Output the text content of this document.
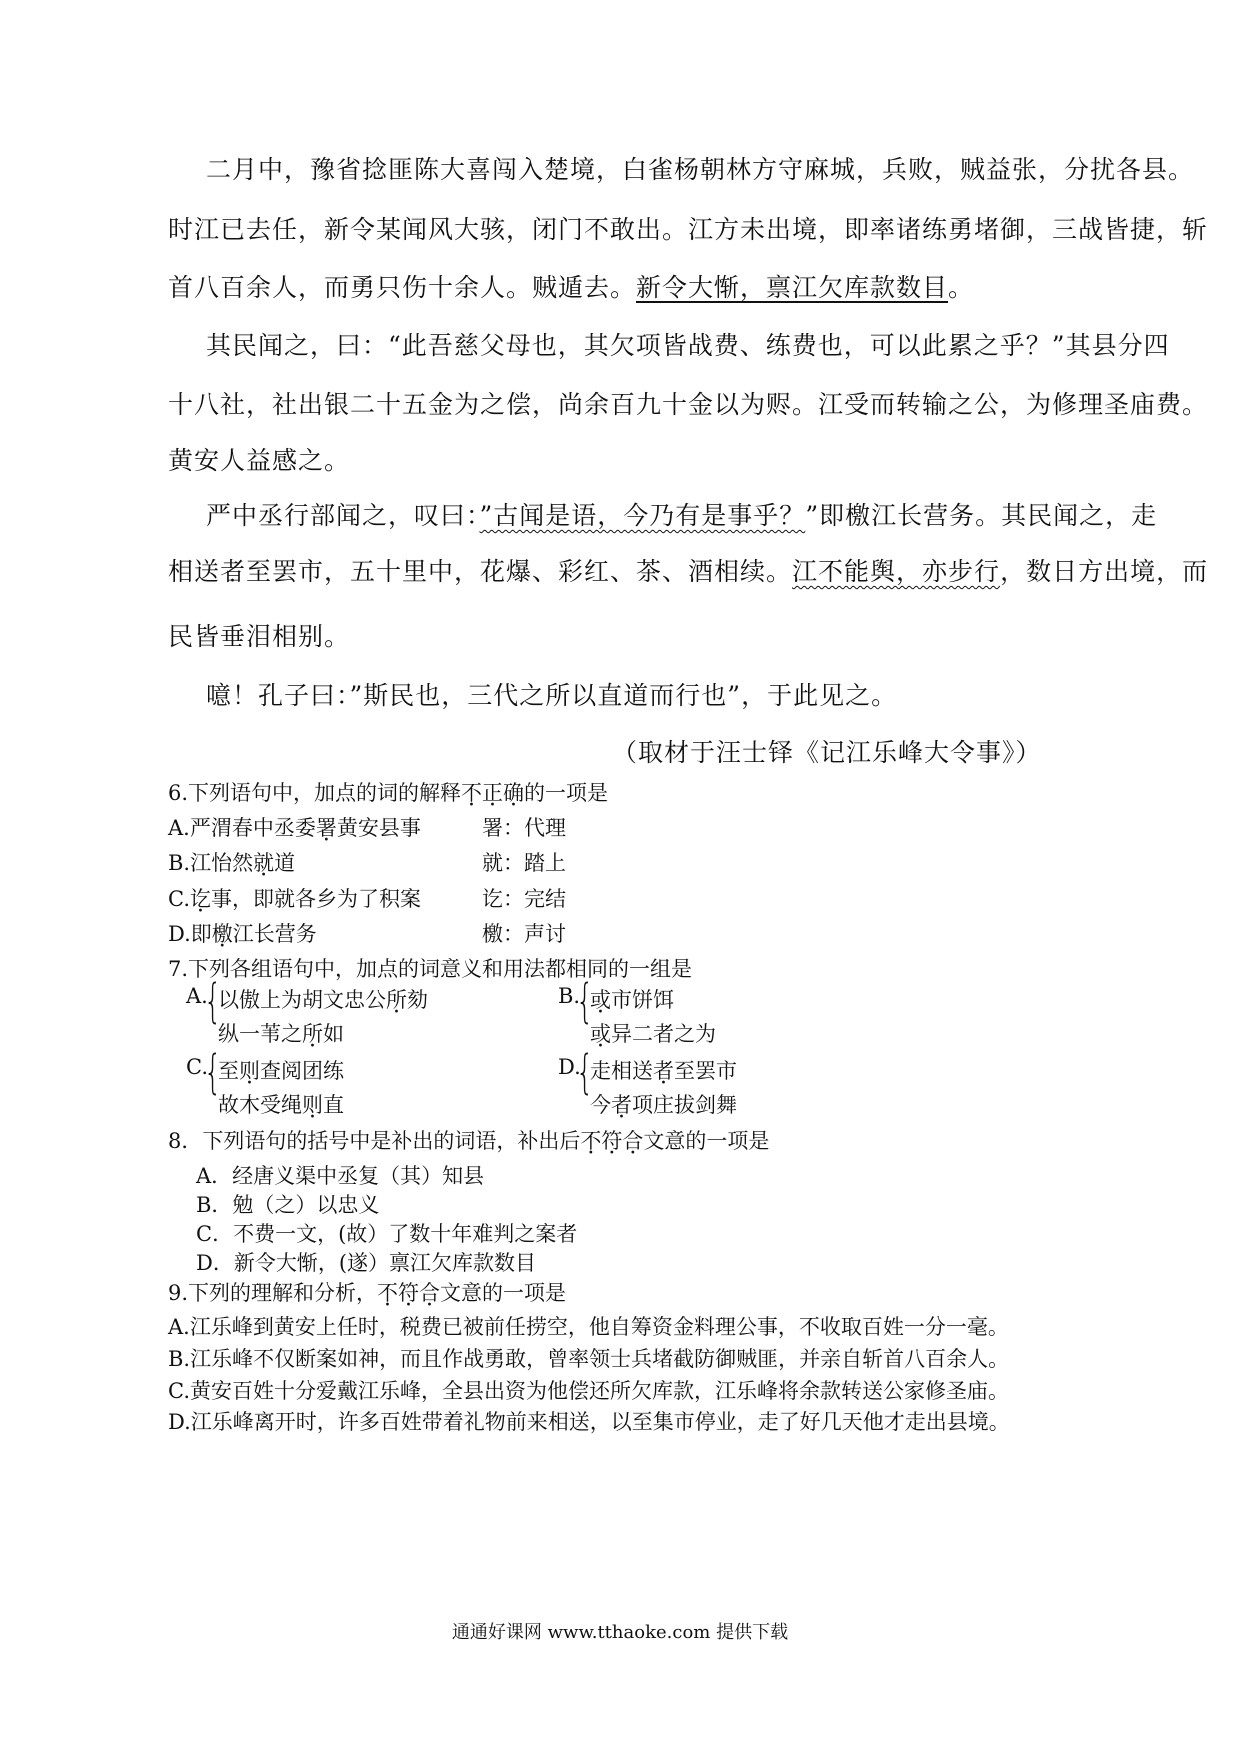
二月中，豫省捻匪陈大喜闯入楚境，白雀杨朝林方守麻城，兵败，贼益张，分扰各县。
时江已去任，新令某闻风大骇，闭门不敢出。江方未出境，即率诸练勇堵御，三战皆捷，斩
首八百余人，而勇只伤十余人。贼遁去。新令大惭，禀江欠库款数目。
其民闻之，曰：“此吾慈父母也，其欠项皆战费、练费也，可以此累之乎？”其县分四
十八社，社出银二十五金为之偿，尚余百九十金以为赆。江受而转输之公，为修理圣庙费。
黄安人益感之。
严中丞行部闻之，叹曰：”古闻是语，今乃有是事乎？”即檄江长营务。其民闻之，走
相送者至罢市，五十里中，花爆、彩红、茶、酒相续。江不能舆，亦步行，数日方出境，而
民皆垂泪相别。
噫！孔子曰：”斯民也，三代之所以直道而行也”，于此见之。
（取材于汪士铎《记江乐峰大令事》）
6.下列语句中，加点的词的解释不正确的一项是
A.严渭春中丞委署黄安县事	署：代理
B.江怡然就道	就：踏上
C.讫事，即就各乡为了积案	讫：完结
D.即檄江长营务	檄：声讨
7.下列各组语句中，加点的词意义和用法都相同的一组是
A.
{
以傲上为胡文忠公所劾
纵一苇之所如
B.
{
或市饼饵
或异二者之为
C.
{
至则查阅团练
故木受绳则直
D.
{
走相送者至罢市
今者项庄拔剑舞
8．下列语句的括号中是补出的词语，补出后不符合文意的一项是
A．经唐义渠中丞复（其）知县
B．勉（之）以忠义
C．不费一文，(故）了数十年难判之案者
D．新令大惭，(遂）禀江欠库款数目
9.下列的理解和分析，不符合文意的一项是
A.江乐峰到黄安上任时，税费已被前任捞空，他自筹资金料理公事，不收取百姓一分一毫。
B.江乐峰不仅断案如神，而且作战勇敢，曾率领士兵堵截防御贼匪，并亲自斩首八百余人。
C.黄安百姓十分爱戴江乐峰，全县出资为他偿还所欠库款，江乐峰将余款转送公家修圣庙。
D.江乐峰离开时，许多百姓带着礼物前来相送，以至集市停业，走了好几天他才走出县境。
通通好课网 www.tthaoke.com 提供下载
